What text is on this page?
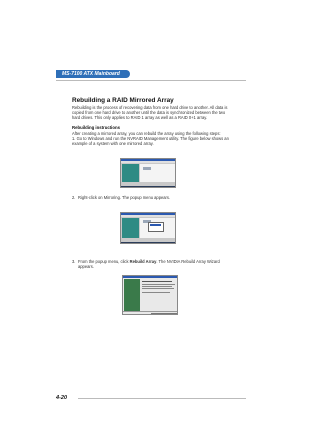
MS-7100 ATX Mainboard
Rebuilding a RAID Mirrored Array
Rebuilding is the process of recovering data from one hard drive to another. All data is copied from one hard drive to another until the data is synchronized between the two hard drives. This only applies to RAID 1 array as well as a RAID 0+1 array.
Rebuilding instructions
After creating a mirrored array, you can rebuild the array using the following steps:
1. Go to Windows and run the NVRAID Management utility. The figure below shows an example of a system with one mirrored array.
2. Right-click on Mirroring. The popup menu appears.
3. From the popup menu, click Rebuild Array. The NVIDIA Rebuild Array Wizard appears.
4-20
